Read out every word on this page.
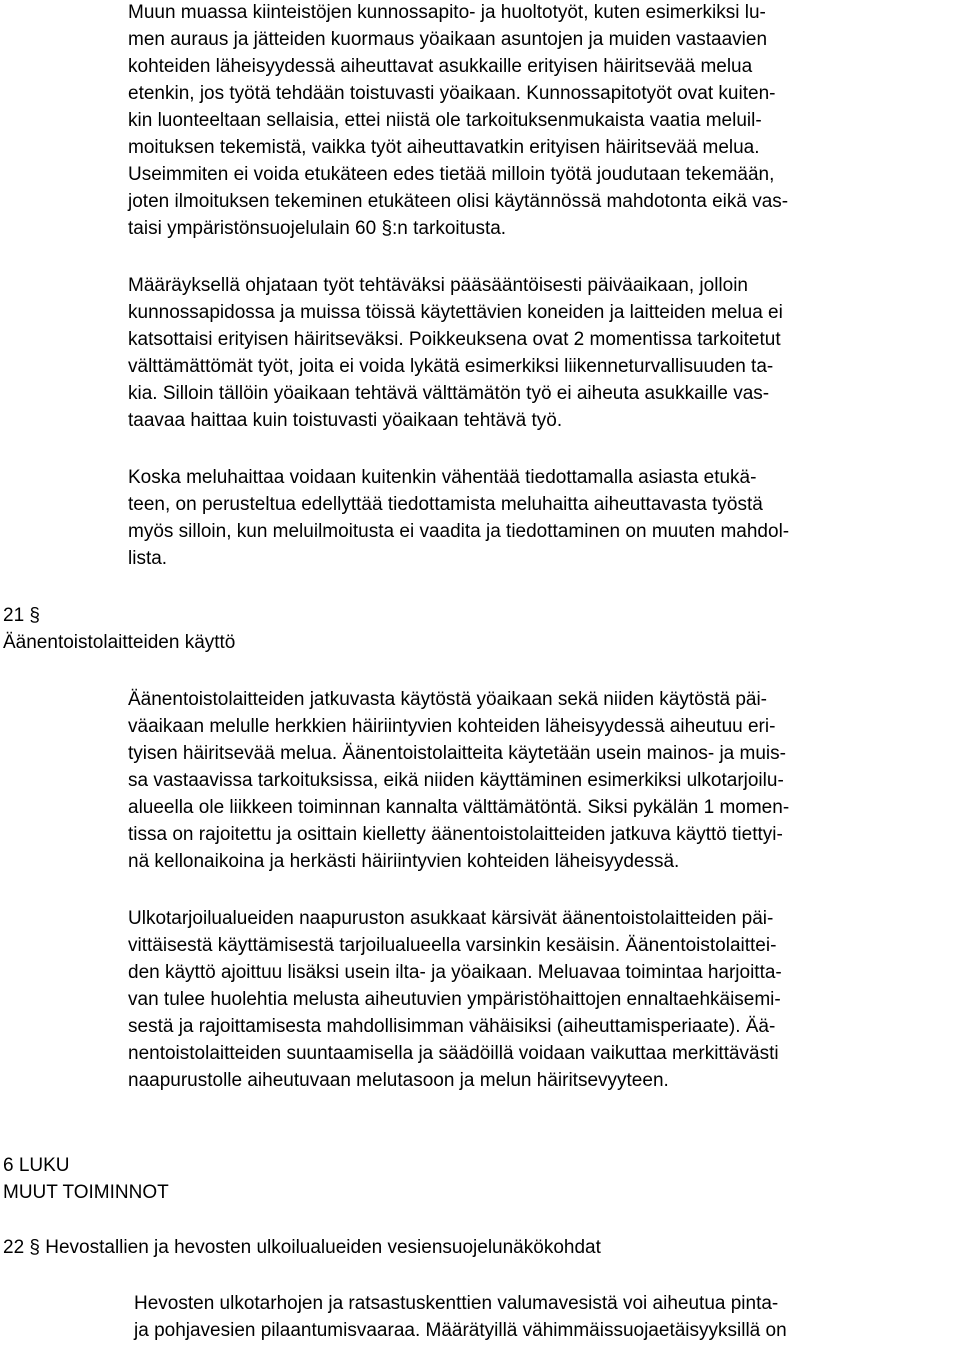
Muun muassa kiinteistöjen kunnossapito- ja huoltotyöt, kuten esimerkiksi lu-
men auraus ja jätteiden kuormaus yöaikaan asuntojen ja muiden vastaavien
kohteiden läheisyydessä aiheuttavat asukkaille erityisen häiritsevää melua
etenkin, jos työtä tehdään toistuvasti yöaikaan. Kunnossapitotyöt ovat kuiten-
kin luonteeltaan sellaisia, ettei niistä ole tarkoituksenmukaista vaatia meluil-
moituksen tekemistä, vaikka työt aiheuttavatkin erityisen häiritsevää melua.
Useimmiten ei voida etukäteen edes tietää milloin työtä joudutaan tekemään,
joten ilmoituksen tekeminen etukäteen olisi käytännössä mahdotonta eikä vas-
taisi ympäristönsuojelulain 60 §:n tarkoitusta.
Määräyksellä ohjataan työt tehtäväksi pääsääntöisesti päiväaikaan, jolloin
kunnossapidossa ja muissa töissä käytettävien koneiden ja laitteiden melua ei
katsottaisi erityisen häiritseväksi. Poikkeuksena ovat 2 momentissa tarkoitetut
välttämättömät työt, joita ei voida lykätä esimerkiksi liikenneturvallisuuden ta-
kia. Silloin tällöin yöaikaan tehtävä välttämätön työ ei aiheuta asukkaille vas-
taavaa haittaa kuin toistuvasti yöaikaan tehtävä työ.
Koska meluhaittaa voidaan kuitenkin vähentää tiedottamalla asiasta etukä-
teen, on perusteltua edellyttää tiedottamista meluhaitta aiheuttavasta työstä
myös silloin, kun meluilmoitusta ei vaadita ja tiedottaminen on muuten mahdol-
lista.
21 §
Äänentoistolaitteiden käyttö
Äänentoistolaitteiden jatkuvasta käytöstä yöaikaan sekä niiden käytöstä päi-
väaikaan melulle herkkien häiriintyvien kohteiden läheisyydessä aiheutuu eri-
tyisen häiritsevää melua. Äänentoistolaitteita käytetään usein mainos- ja muis-
sa vastaavissa tarkoituksissa, eikä niiden käyttäminen esimerkiksi ulkotarjoilu-
alueella ole liikkeen toiminnan kannalta välttämätöntä. Siksi pykälän 1 momen-
tissa on rajoitettu ja osittain kielletty äänentoistolaitteiden jatkuva käyttö tiettyi-
nä kellonaikoina ja herkästi häiriintyvien kohteiden läheisyydessä.
Ulkotarjoilualueiden naapuruston asukkaat kärsivät äänentoistolaitteiden päi-
vittäisestä käyttämisestä tarjoilualueella varsinkin kesäisin. Äänentoistolaittei-
den käyttö ajoittuu lisäksi usein ilta- ja yöaikaan. Meluavaa toimintaa harjoitta-
van tulee huolehtia melusta aiheutuvien ympäristöhaittojen ennaltaehkäisemi-
sestä ja rajoittamisesta mahdollisimman vähäisiksi (aiheuttamisperiaate). Ää-
nentoistolaitteiden suuntaamisella ja säädöillä voidaan vaikuttaa merkittävästi
naapurustolle aiheutuvaan melutasoon ja melun häiritsevyyteen.
6 LUKU
MUUT TOIMINNOT
22 § Hevostallien ja hevosten ulkoilualueiden vesiensuojelunäkökohdat
Hevosten ulkotarhojen ja ratsastuskenttien valumavesistä voi aiheutua pinta-
ja pohjavesien pilaantumisvaaraa. Määrätyillä vähimmäissuojaetäisyyksillä on
